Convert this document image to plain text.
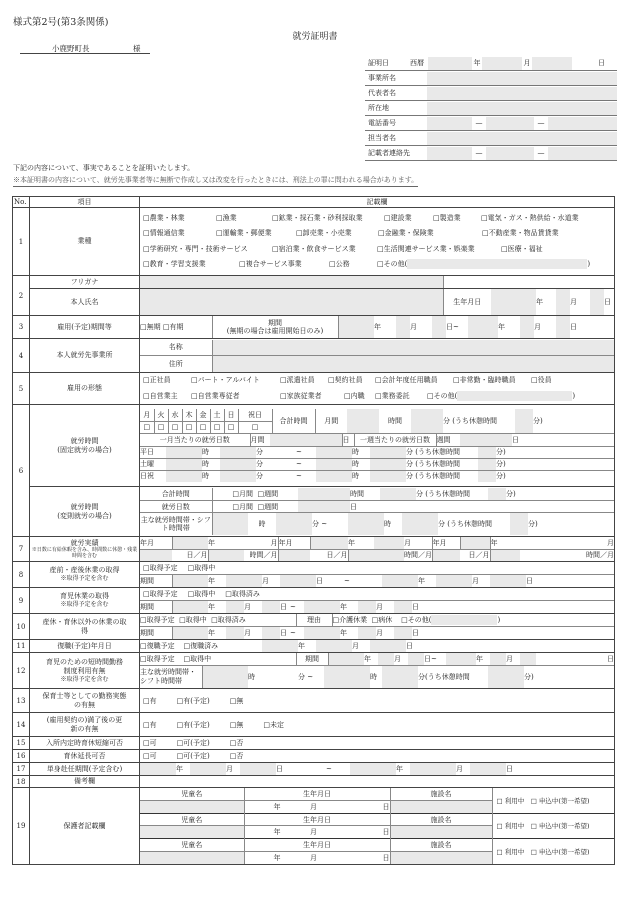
様式第2号(第3条関係)
就労証明書
小鹿野町長	様
証明日	西暦	年	月	日
事業所名
代表者名
所在地
電話番号	—	—
担当者名
記載者連絡先	—	—
下記の内容について、事実であることを証明いたします。
※本証明書の内容について、就労先事業者等に無断で作成し又は改変を行ったときには、刑法上の罪に問われる場合があります。
No.	項目	記載欄
1	業種	
□農業・林業	□漁業	□鉱業・採石業・砂利採取業	□建設業	□製造業	□電気・ガス・熱供給・水道業
□情報通信業	□運輸業・郵便業	□卸売業・小売業	□金融業・保険業	□不動産業・物品賃貸業
□学術研究・専門・技術サービス	□宿泊業・飲食サービス業	□生活関連サービス業・娯楽業	□医療・福祉
□教育・学習支援業	□複合サービス事業	□公務	□その他(	)

2	フリガナ	

本人氏名	
		生年月日		年		月		日

3	雇用(予定)期間等		□無期 □有期	
期間
(無期の場合は雇用開始日のみ)		年		月		日~		年		月		日

4	本人就労先事業所	
名称	
住所	

5	雇用の形態	
□正社員	□パート・アルバイト	□派遣社員 □契約社員 □会計年度任用職員 □非常勤・臨時職員 □役員
□自営業主 □自営業専従者	□家族従業者	□内職 □業務委託 □その他(	)

6	
就労時間
(固定就労の場合)

月	火	水	木	金	土	日	祝日	合計時間
□	□	□	□	□	□	□	□
	月間		時間		分 (うち休憩時間		分)
一月当たりの就労日数	月間		日	一週当たりの就労日数	週間		日
平日		時		分	~		時		分 (うち休憩時間		分)
土曜		時		分	~		時		分 (うち休憩時間		分)
日祝		時		分	~		時		分 (うち休憩時間		分)

就労時間
(変則就労の場合)

合計時間	□月間 □週間		時間		分 (うち休憩時間		分)
就労日数	□月間 □週間		日
主な就労時間帯・シフト時間帯		時		分 ~		時		分 (うち休憩時間		分)

7	
就労実績
※日数に有給休暇を含み、時間数に休憩・残業時間を含む

年月		年	月	年月		年		月	年月		年	月
	日／月		時間／月		日／月		時間／月		日／月		時間／月

8	
産前・産後休業の取得
※取得予定を含む

□取得予定 □取得中
期間		年		月		日	~		年		月		日

9	
育児休業の取得
※取得予定を含む

□取得予定 □取得中 □取得済み
期間		年		月		日	~		年		月		日

10	産休・育休以外の休業の取得	
□取得予定 □取得中 □取得済み	理由	□介護休業 □病休 □その他(	)
期間		年		月		日	~		年		月		日

11	復職(予定)年月日		□復職予定 □復職済み		年		月		日

12	
育児のための短時間勤務制度利用有無
※取得予定を含む

□取得予定 □取得中	期間		年		月		日~		年		月		日
主な就労時間帯・シフト時間帯		時	分 ~		時		分(うち休憩時間		分)

13	保育士等としての勤務実態の有無	□有	□有(予定)	□無

14	(雇用契約の)満了後の更新の有無	□有	□有(予定)	□無	□未定

15	入所内定時育休短縮可否	□可	□可(予定)	□否

16	育休延長可否	□可	□可(予定)	□否

17	単身赴任期間(予定含む)	
		年		月		日	~		年		月		日

18	備考欄	
19	保護者記載欄	
児童名	生年月日	施設名	□ 利用中　□ 申込中(第一希望)
	年	月	日	
児童名	生年月日	施設名	□ 利用中　□ 申込中(第一希望)
	年	月	日	
児童名	生年月日	施設名	□ 利用中　□ 申込中(第一希望)
	年	月	日	
